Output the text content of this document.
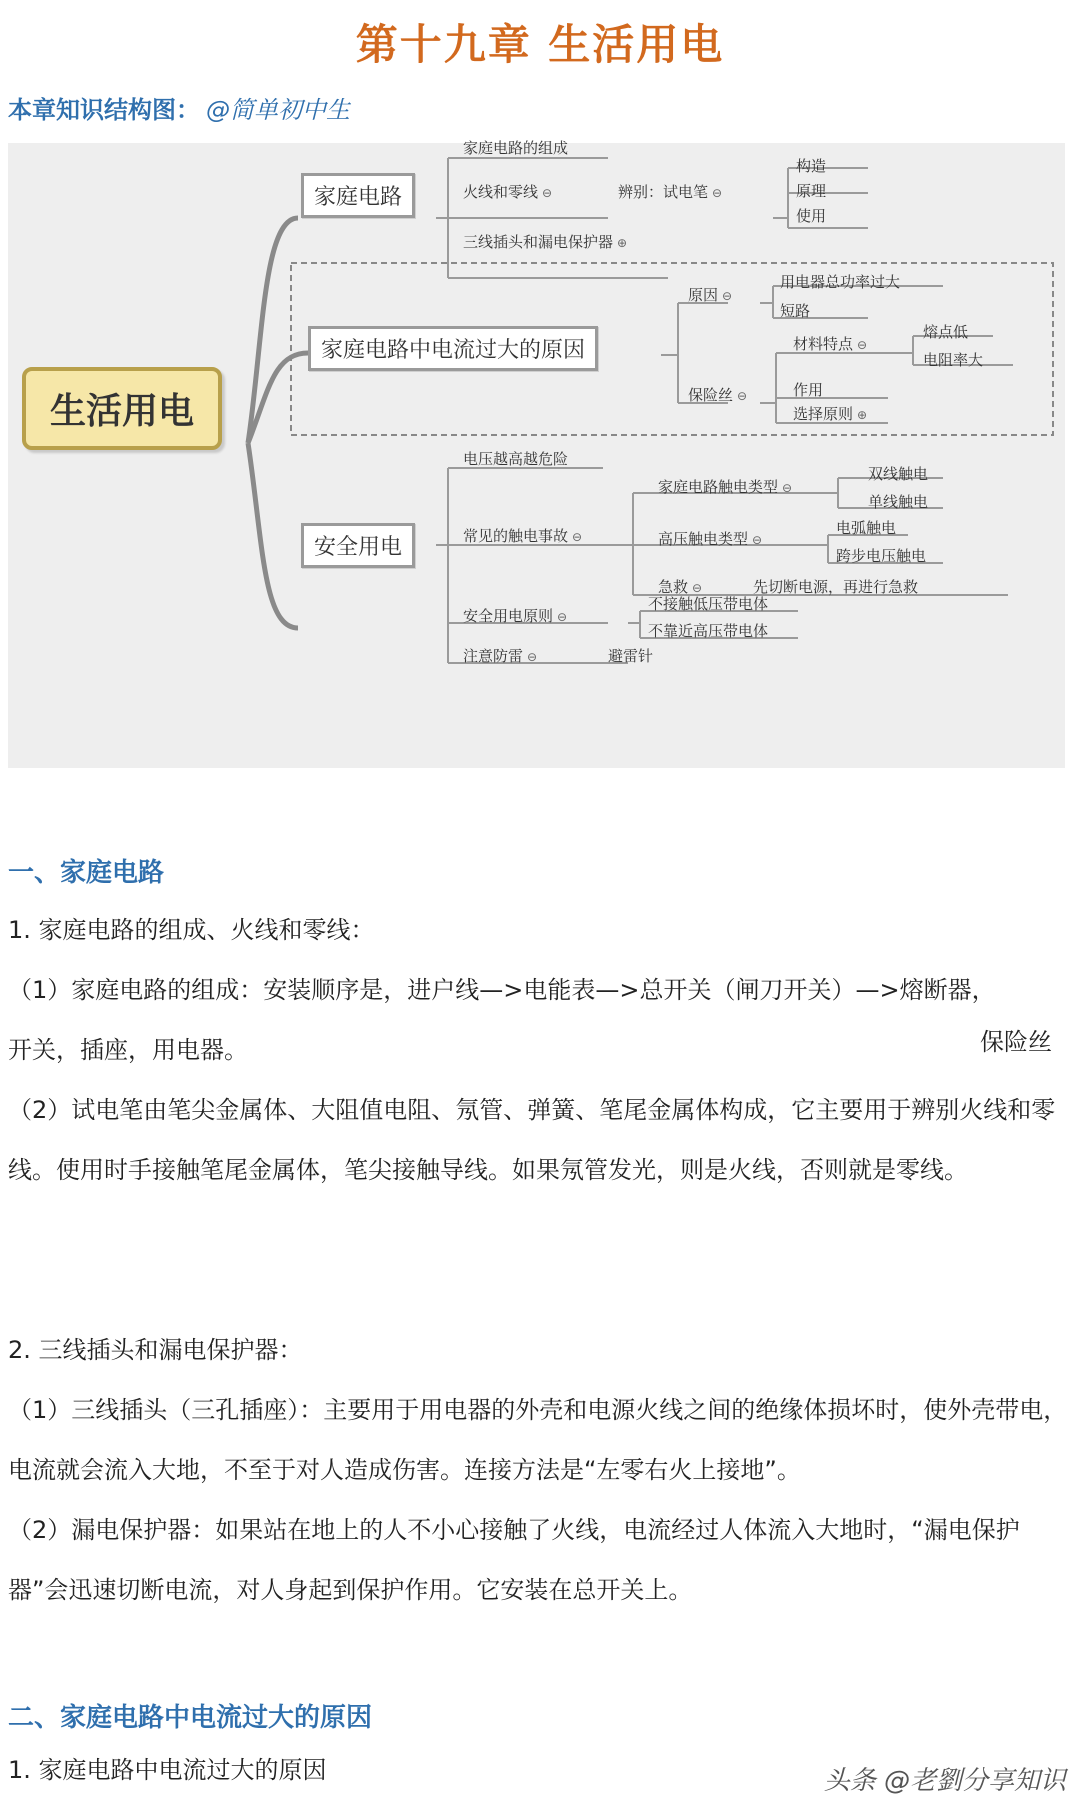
第十九章 生活用电
本章知识结构图： @简单初中生
生活用电
家庭电路
家庭电路的组成
火线和零线 ⊖	辨别：试电笔 ⊖
构造
原理
使用
三线插头和漏电保护器 ⊕
家庭电路中电流过大的原因
原因 ⊖
用电器总功率过大
短路
保险丝 ⊖
材料特点 ⊖
熔点低
电阻率大
作用
选择原则 ⊕
安全用电
电压越高越危险
常见的触电事故 ⊖
家庭电路触电类型 ⊖
双线触电
单线触电
高压触电类型 ⊖
电弧触电
跨步电压触电
急救 ⊖	先切断电源，再进行急救
安全用电原则 ⊖
不接触低压带电体
不靠近高压带电体
注意防雷 ⊖	避雷针
一、家庭电路
1. 家庭电路的组成、火线和零线：
（1）家庭电路的组成：安装顺序是，进户线—>电能表—>总开关（闸刀开关）—>熔断器，
开关，插座，用电器。	保险丝
（2）试电笔由笔尖金属体、大阻值电阻、氖管、弹簧、笔尾金属体构成，它主要用于辨别火线和零线。使用时手接触笔尾金属体，笔尖接触导线。如果氖管发光，则是火线，否则就是零线。
2. 三线插头和漏电保护器：
（1）三线插头（三孔插座）：主要用于用电器的外壳和电源火线之间的绝缘体损坏时，使外壳带电，电流就会流入大地，不至于对人造成伤害。连接方法是“左零右火上接地”。
（2）漏电保护器：如果站在地上的人不小心接触了火线，电流经过人体流入大地时，“漏电保护器”会迅速切断电流，对人身起到保护作用。它安装在总开关上。
二、家庭电路中电流过大的原因
1. 家庭电路中电流过大的原因	头条 @老劉分享知识
